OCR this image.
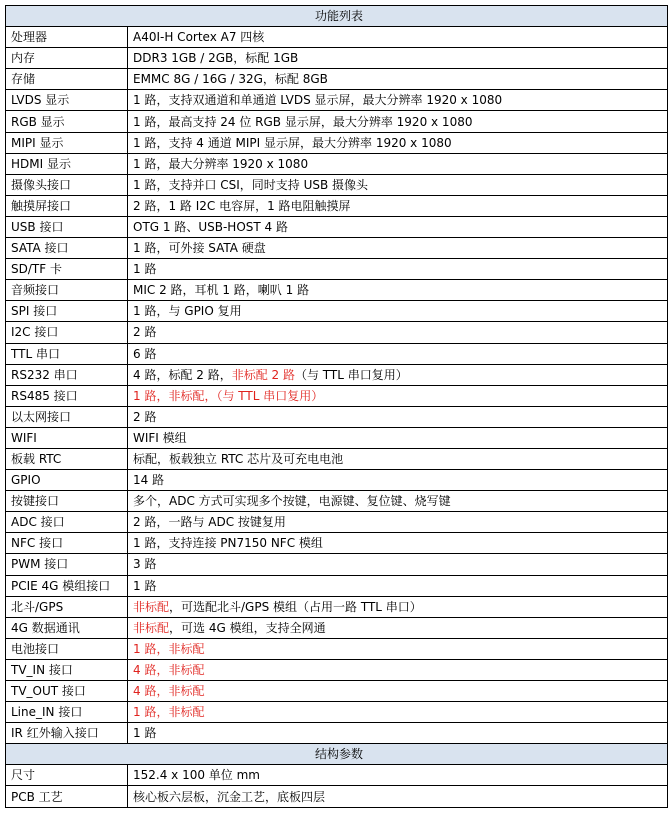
功能列表	
处理器	A40I-H Cortex A7 四核
内存	DDR3 1GB / 2GB，标配 1GB
存储	EMMC 8G / 16G / 32G，标配 8GB
LVDS 显示	1 路，支持双通道和单通道 LVDS 显示屏，最大分辨率 1920 x 1080
RGB 显示	1 路，最高支持 24 位 RGB 显示屏，最大分辨率 1920 x 1080
MIPI 显示	1 路，支持 4 通道 MIPI 显示屏，最大分辨率 1920 x 1080
HDMI 显示	1 路，最大分辨率 1920 x 1080
摄像头接口	1 路，支持并口 CSI，同时支持 USB 摄像头
触摸屏接口	2 路，1 路 I2C 电容屏，1 路电阻触摸屏
USB 接口	OTG 1 路、USB-HOST 4 路
SATA 接口	1 路，可外接 SATA 硬盘
SD/TF 卡	1 路
音频接口	MIC 2 路，耳机 1 路，喇叭 1 路
SPI 接口	1 路，与 GPIO 复用
I2C 接口	2 路
TTL 串口	6 路
RS232 串口	4 路，标配 2 路，非标配 2 路（与 TTL 串口复用）
RS485 接口	1 路，非标配，（与 TTL 串口复用）
以太网接口	2 路
WIFI	WIFI 模组
板载 RTC	标配，板载独立 RTC 芯片及可充电电池
GPIO	14 路
按键接口	多个，ADC 方式可实现多个按键，电源键、复位键、烧写键
ADC 接口	2 路，一路与 ADC 按键复用
NFC 接口	1 路，支持连接 PN7150 NFC 模组
PWM 接口	3 路
PCIE 4G 模组接口	1 路
北斗/GPS	非标配，可选配北斗/GPS 模组（占用一路 TTL 串口）
4G 数据通讯	非标配，可选 4G 模组，支持全网通
电池接口	1 路，非标配
TV_IN 接口	4 路，非标配
TV_OUT 接口	4 路，非标配
Line_IN 接口	1 路，非标配
IR 红外输入接口	1 路
结构参数	
尺寸	152.4 x 100 单位 mm
PCB 工艺	核心板六层板，沉金工艺，底板四层
